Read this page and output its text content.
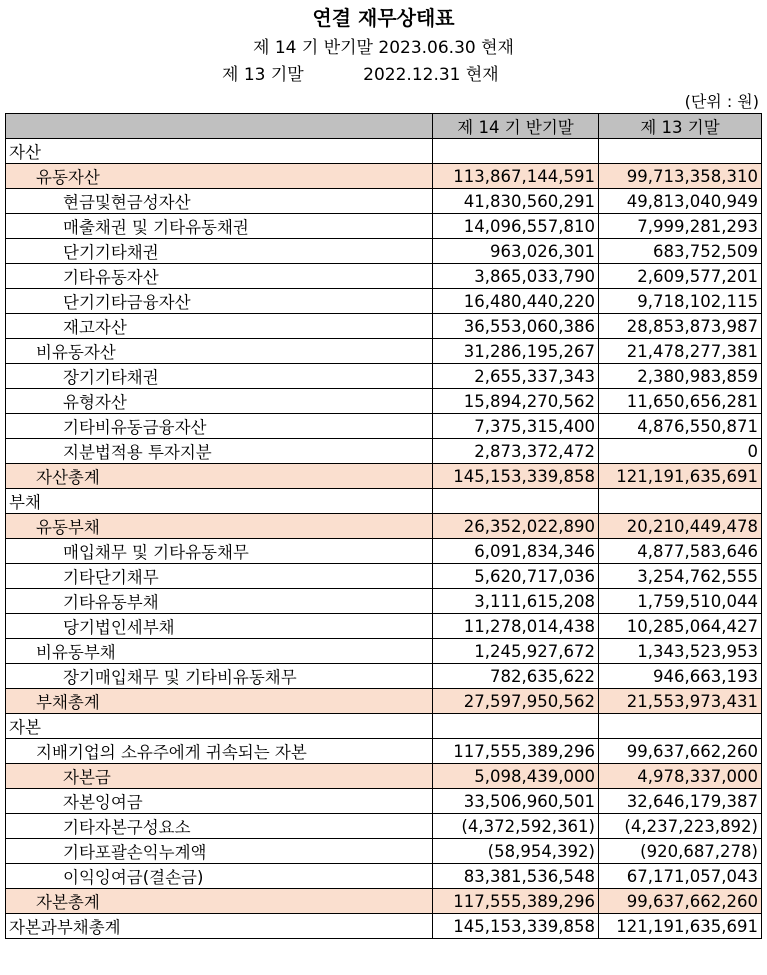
연결 재무상태표
제 14 기 반기말 2023.06.30 현재
제 13 기말           2022.12.31 현재
(단위 : 원)
	제 14 기 반기말	제 13 기말
자산		
유동자산	113,867,144,591	99,713,358,310
현금및현금성자산	41,830,560,291	49,813,040,949
매출채권 및 기타유동채권	14,096,557,810	7,999,281,293
단기기타채권	963,026,301	683,752,509
기타유동자산	3,865,033,790	2,609,577,201
단기기타금융자산	16,480,440,220	9,718,102,115
재고자산	36,553,060,386	28,853,873,987
비유동자산	31,286,195,267	21,478,277,381
장기기타채권	2,655,337,343	2,380,983,859
유형자산	15,894,270,562	11,650,656,281
기타비유동금융자산	7,375,315,400	4,876,550,871
지분법적용 투자지분	2,873,372,472	0
자산총계	145,153,339,858	121,191,635,691
부채		
유동부채	26,352,022,890	20,210,449,478
매입채무 및 기타유동채무	6,091,834,346	4,877,583,646
기타단기채무	5,620,717,036	3,254,762,555
기타유동부채	3,111,615,208	1,759,510,044
당기법인세부채	11,278,014,438	10,285,064,427
비유동부채	1,245,927,672	1,343,523,953
장기매입채무 및 기타비유동채무	782,635,622	946,663,193
부채총계	27,597,950,562	21,553,973,431
자본		
지배기업의 소유주에게 귀속되는 자본	117,555,389,296	99,637,662,260
자본금	5,098,439,000	4,978,337,000
자본잉여금	33,506,960,501	32,646,179,387
기타자본구성요소	(4,372,592,361)	(4,237,223,892)
기타포괄손익누계액	(58,954,392)	(920,687,278)
이익잉여금(결손금)	83,381,536,548	67,171,057,043
자본총계	117,555,389,296	99,637,662,260
자본과부채총계	145,153,339,858	121,191,635,691
